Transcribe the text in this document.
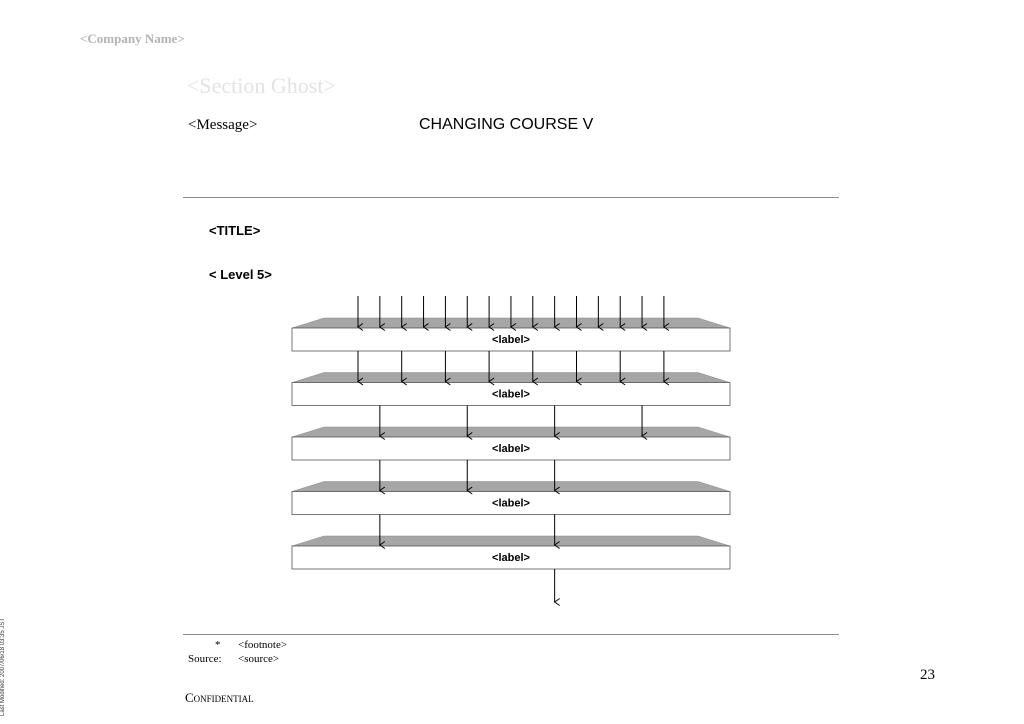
<Company Name>
<Section Ghost>
<Message>	CHANGING COURSE V
<TITLE>
< Level 5>
<label>
<label>
<label>
<label>
<label>
* <footnote>
Source: <source>
23
Confidential
Last Modified: 2007/06/18 03:35 JST
